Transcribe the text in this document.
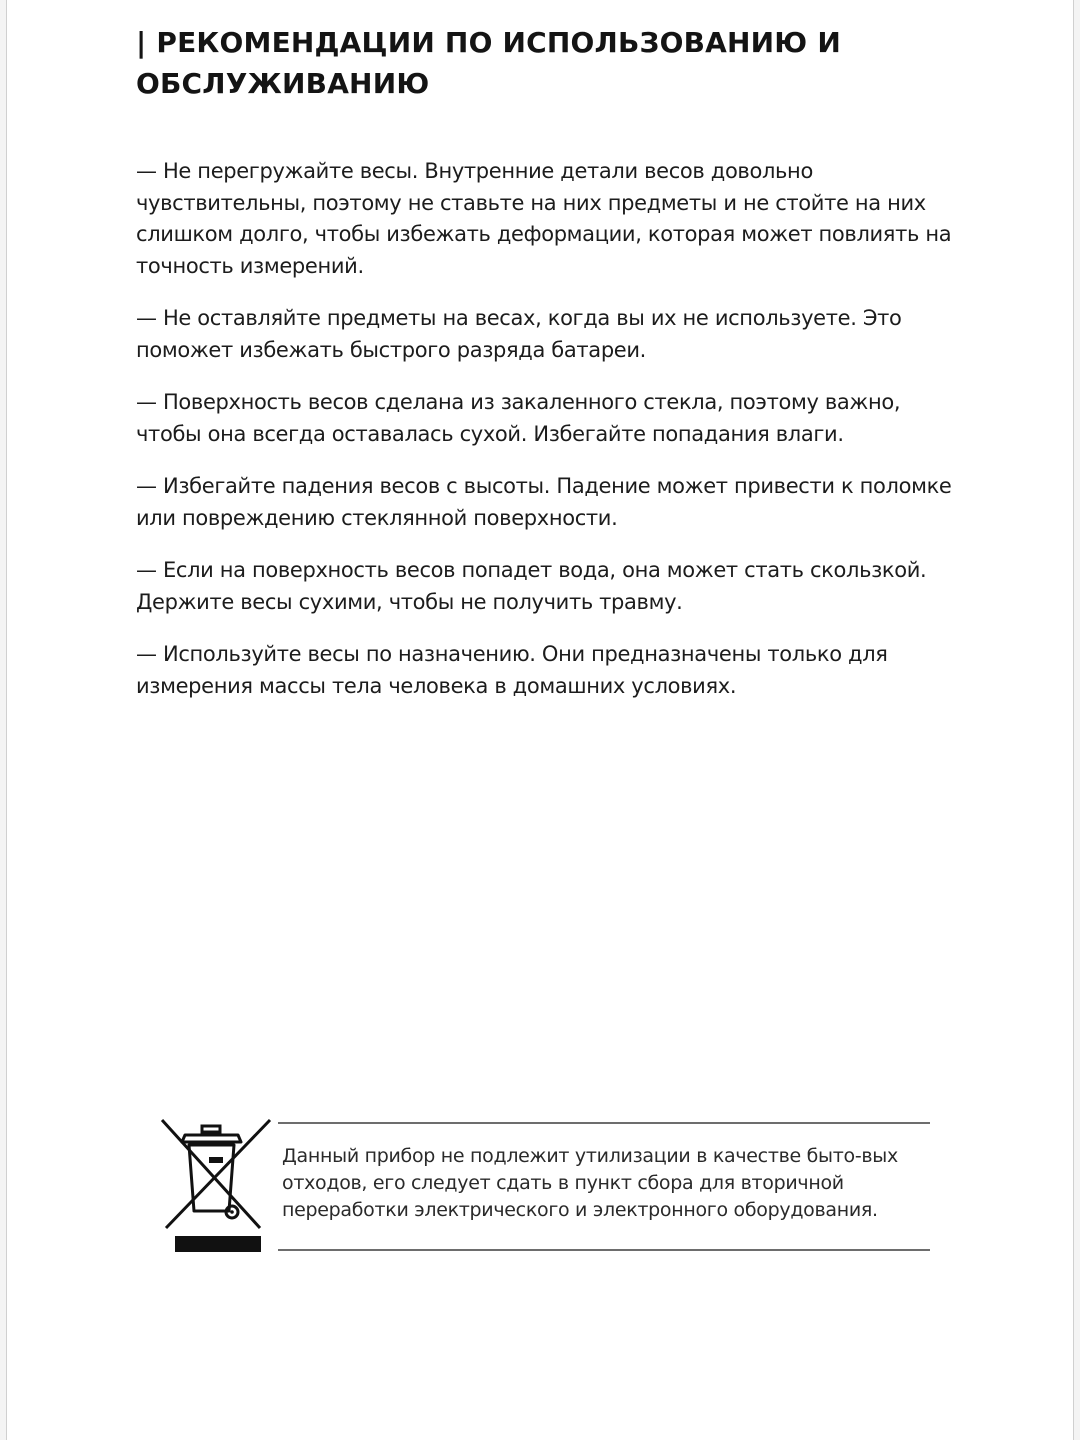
| РЕКОМЕНДАЦИИ ПО ИСПОЛЬЗОВАНИЮ И ОБСЛУЖИВАНИЮ
— Не перегружайте весы. Внутренние детали весов довольно чувствительны, поэтому не ставьте на них предметы и не стойте на них слишком долго, чтобы избежать деформации, которая может повлиять на точность измерений.
— Не оставляйте предметы на весах, когда вы их не используете. Это поможет избежать быстрого разряда батареи.
— Поверхность весов сделана из закаленного стекла, поэтому важно, чтобы она всегда оставалась сухой. Избегайте попадания влаги.
— Избегайте падения весов с высоты. Падение может привести к поломке или повреждению стеклянной поверхности.
— Если на поверхность весов попадет вода, она может стать скользкой. Держите весы сухими, чтобы не получить травму.
— Используйте весы по назначению. Они предназначены только для измерения массы тела человека в домашних условиях.

Данный прибор не подлежит утилизации в качестве быто-вых отходов, его следует сдать в пункт сбора для вторичной переработки электрического и электронного оборудования.
